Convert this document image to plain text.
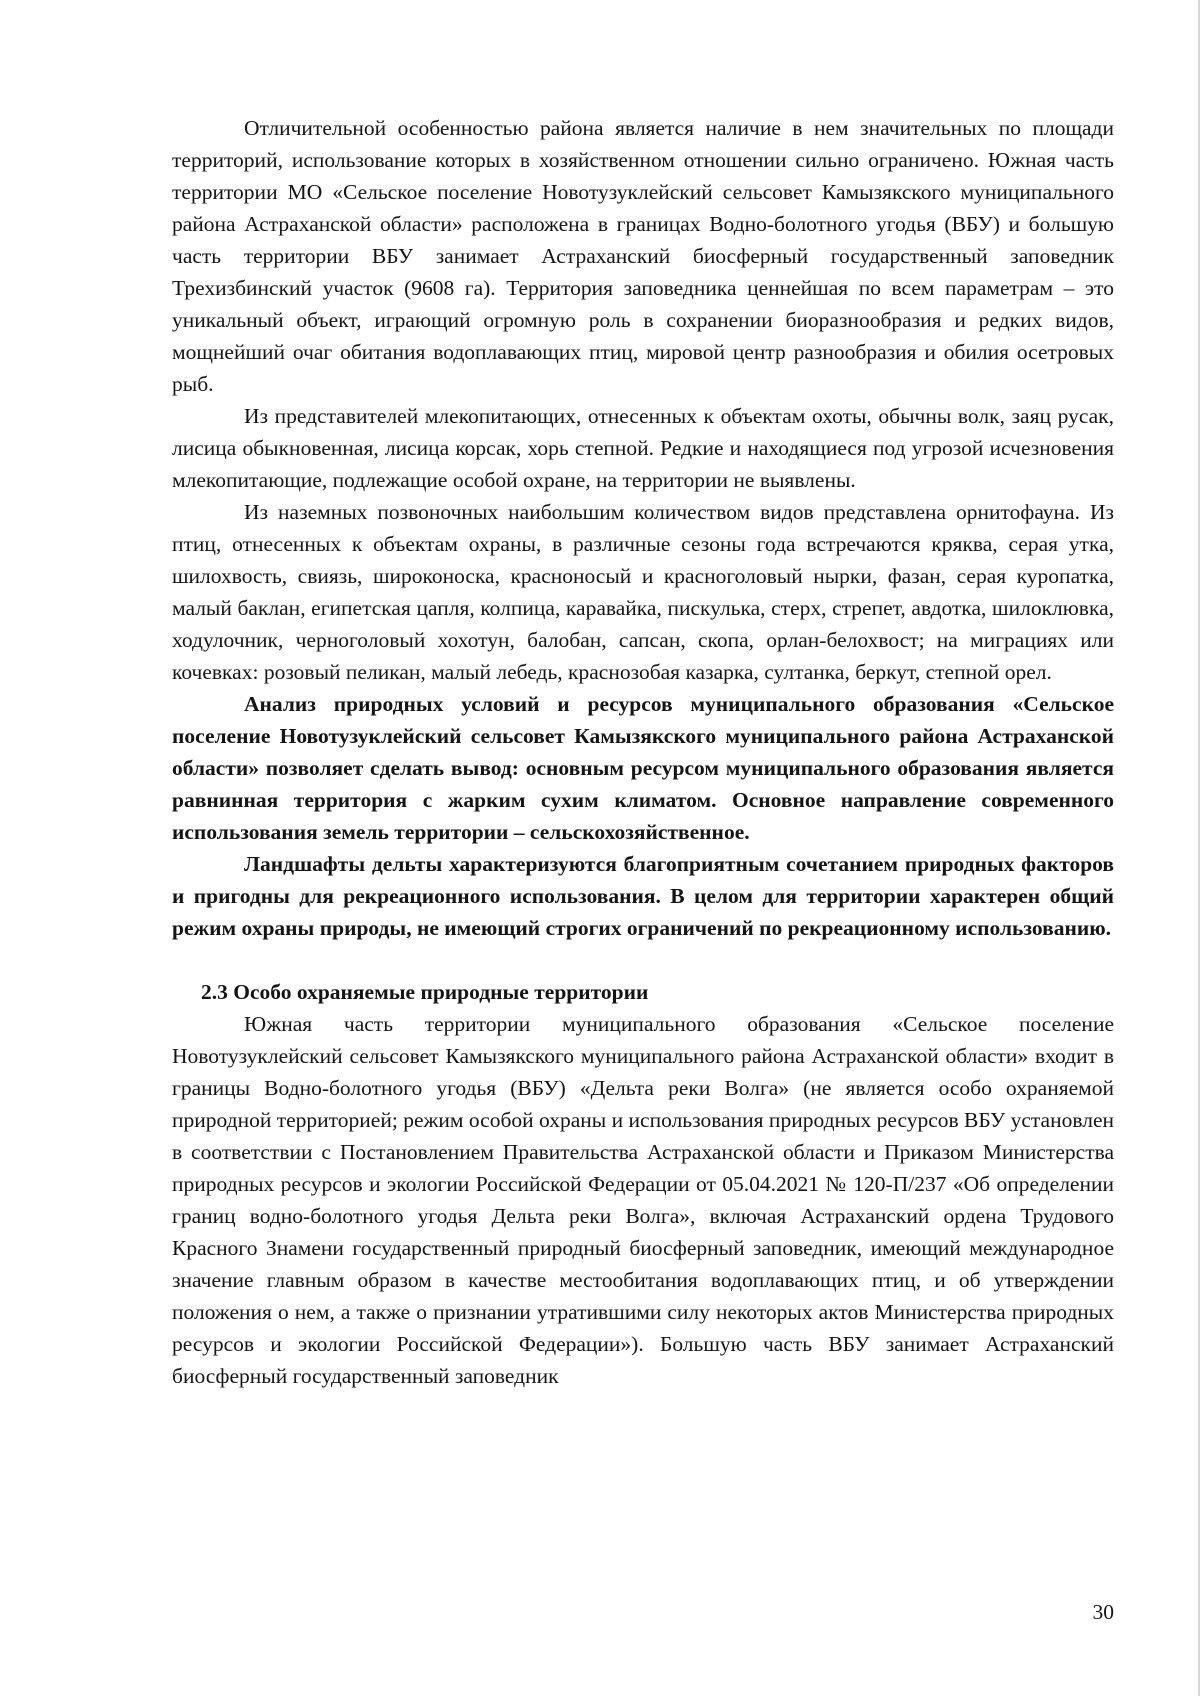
Отличительной особенностью района является наличие в нем значительных по площади территорий, использование которых в хозяйственном отношении сильно ограничено. Южная часть территории МО «Сельское поселение Новотузуклейский сельсовет Камызякского муниципального района Астраханской области» расположена в границах Водно-болотного угодья (ВБУ) и большую часть территории ВБУ занимает Астраханский биосферный государственный заповедник Трехизбинский участок (9608 га). Территория заповедника ценнейшая по всем параметрам – это уникальный объект, играющий огромную роль в сохранении биоразнообразия и редких видов, мощнейший очаг обитания водоплавающих птиц, мировой центр разнообразия и обилия осетровых рыб.

Из представителей млекопитающих, отнесенных к объектам охоты, обычны волк, заяц русак, лисица обыкновенная, лисица корсак, хорь степной. Редкие и находящиеся под угрозой исчезновения млекопитающие, подлежащие особой охране, на территории не выявлены.

Из наземных позвоночных наибольшим количеством видов представлена орнитофауна. Из птиц, отнесенных к объектам охраны, в различные сезоны года встречаются кряква, серая утка, шилохвость, свиязь, широконоска, красноносый и красноголовый нырки, фазан, серая куропатка, малый баклан, египетская цапля, колпица, каравайка, пискулька, стерх, стрепет, авдотка, шилоклювка, ходулочник, черноголовый хохотун, балобан, сапсан, скопа, орлан-белохвост; на миграциях или кочевках: розовый пеликан, малый лебедь, краснозобая казарка, султанка, беркут, степной орел.

Анализ природных условий и ресурсов муниципального образования «Сельское поселение Новотузуклейский сельсовет Камызякского муниципального района Астраханской области» позволяет сделать вывод: основным ресурсом муниципального образования является равнинная территория с жарким сухим климатом. Основное направление современного использования земель территории – сельскохозяйственное.

Ландшафты дельты характеризуются благоприятным сочетанием природных факторов и пригодны для рекреационного использования. В целом для территории характерен общий режим охраны природы, не имеющий строгих ограничений по рекреационному использованию.

2.3 Особо охраняемые природные территории

Южная часть территории муниципального образования «Сельское поселение Новотузуклейский сельсовет Камызякского муниципального района Астраханской области» входит в границы Водно-болотного угодья (ВБУ) «Дельта реки Волга» (не является особо охраняемой природной территорией; режим особой охраны и использования природных ресурсов ВБУ установлен в соответствии с Постановлением Правительства Астраханской области и Приказом Министерства природных ресурсов и экологии Российской Федерации от 05.04.2021 № 120-П/237 «Об определении границ водно-болотного угодья Дельта реки Волга», включая Астраханский ордена Трудового Красного Знамени государственный природный биосферный заповедник, имеющий международное значение главным образом в качестве местообитания водоплавающих птиц, и об утверждении положения о нем, а также о признании утратившими силу некоторых актов Министерства природных ресурсов и экологии Российской Федерации»). Большую часть ВБУ занимает Астраханский биосферный государственный заповедник

30
